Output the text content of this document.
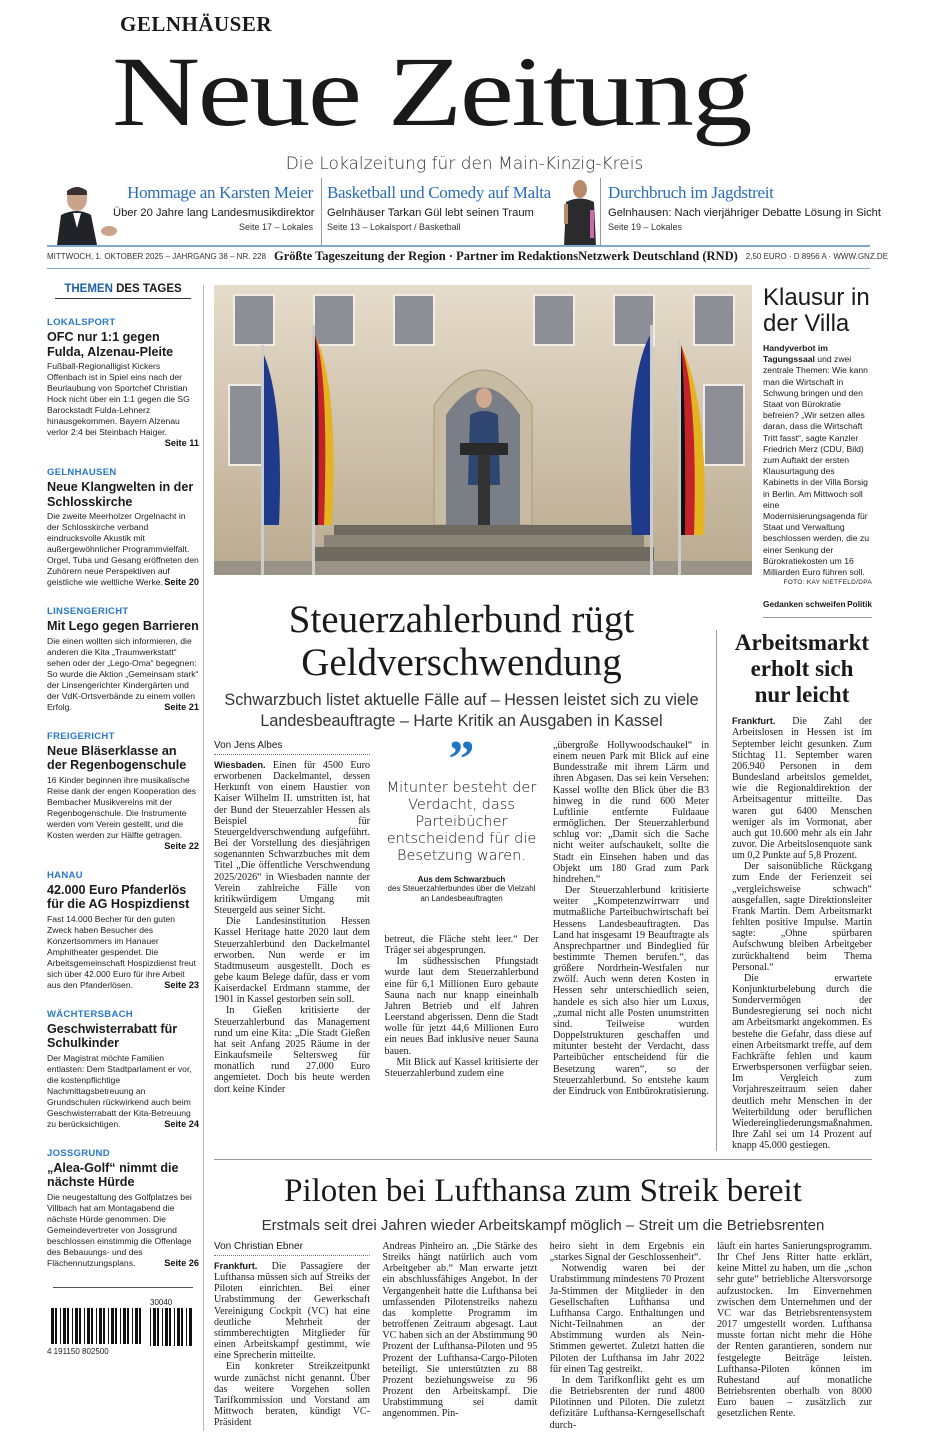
GELNHÄUSER
Neue Zeitung
Die Lokalzeitung für den Main-Kinzig-Kreis
Hommage an Karsten Meier
Über 20 Jahre lang Landesmusikdirektor
Seite 17 – Lokales
Basketball und Comedy auf Malta
Gelnhäuser Tarkan Gül lebt seinen Traum
Seite 13 – Lokalsport / Basketball
Durchbruch im Jagdstreit
Gelnhausen: Nach vierjähriger Debatte Lösung in Sicht
Seite 19 – Lokales
MITTWOCH, 1. OKTOBER 2025 – JAHRGANG 38 – NR. 228 Größte Tageszeitung der Region · Partner im RedaktionsNetzwerk Deutschland (RND) 2,50 EURO · D 8956 A · WWW.GNZ.DE
THEMEN DES TAGES
LOKALSPORT
OFC nur 1:1 gegen Fulda, Alzenau-Pleite

Fußball-Regionalligist Kickers Offenbach ist in Spiel eins nach der Beurlaubung von Sportchef Christian Hock nicht über ein 1:1 gegen die SG Barockstadt Fulda-Lehnerz hinausgekommen. Bayern Alzenau verlor 2:4 bei Steinbach Haiger.
Seite 11

GELNHAUSEN
Neue Klangwelten in der Schlosskirche

Die zweite Meerholzer Orgelnacht in der Schlosskirche verband eindrucksvolle Akustik mit außergewöhnlicher Programmvielfalt. Orgel, Tuba und Gesang eröffneten den Zuhörern neue Perspektiven auf geistliche wie weltliche Werke. Seite 20

LINSENGERICHT
Mit Lego gegen Barrieren

Die einen wollten sich informieren, die anderen die Kita „Traumwerkstatt“ sehen oder der „Lego-Oma“ begegnen: So wurde die Aktion „Gemeinsam stark“ der Linsengerichter Kindergärten und der VdK-Ortsverbände zu einem vollen Erfolg.	Seite 21

FREIGERICHT
Neue Bläserklasse an der Regenbogenschule

16 Kinder beginnen ihre musikalische Reise dank der engen Kooperation des Bembacher Musikvereins mit der Regenbogenschule. Die Instrumente werden vom Verein gestellt, und die Kosten werden zur Hälfte getragen.
Seite 22

HANAU
42.000 Euro Pfanderlös für die AG Hospizdienst

Fast 14.000 Becher für den guten Zweck haben Besucher des Konzertsommers im Hanauer Amphitheater gespendet. Die Arbeitsgemeinschaft Hospizdienst freut sich über 42.000 Euro für ihre Arbeit aus den Pfanderlösen.	Seite 23

WÄCHTERSBACH
Geschwisterrabatt für Schulkinder

Der Magistrat möchte Familien entlasten: Dem Stadtparlament er vor, die kostenpflichtige Nachmittagsbetreuung an Grundschulen rückwirkend auch beim Geschwisterrabatt der Kita-Betreuung zu berücksichtigen.	Seite 24

JOSSGRUND
„Alea-Golf“ nimmt die nächste Hürde

Die neugestaltung des Golfplatzes bei Villbach hat am Montagabend die nächste Hürde genommen. Die Gemeindevertreter von Jossgrund beschlossen einstimmig die Offenlage des Bebauungs- und des Flächennutzungsplans.	Seite 26

30040
4 191150 802500
Klausur in der Villa

Handyverbot im Tagungssaal und zwei zentrale Themen: Wie kann man die Wirtschaft in Schwung bringen und den Staat von Bürokratie befreien? „Wir setzen alles daran, dass die Wirtschaft Tritt fasst“, sagte Kanzler Friedrich Merz (CDU, Bild) zum Auftakt der ersten Klausurtagung des Kabinetts in der Villa Borsig in Berlin. Am Mittwoch soll eine Modernisierungsagenda für Staat und Verwaltung beschlossen werden, die zu einer Senkung der Bürokratiekosten um 16 Milliarden Euro führen soll.

FOTO: KAY NIETFELD/DPA

Gedanken schweifen Politik
Arbeitsmarkt erholt sich nur leicht

Frankfurt. Die Zahl der Arbeitslosen in Hessen ist im September leicht gesunken. Zum Stichtag 11. September waren 206.940 Personen in dem Bundesland arbeitslos gemeldet, wie die Regionaldirektion der Arbeitsagentur mitteilte. Das waren gut 6400 Menschen weniger als im Vormonat, aber auch gut 10.600 mehr als ein Jahr zuvor. Die Arbeitslosenquote sank um 0,2 Punkte auf 5,8 Prozent.

Der saisonübliche Rückgang zum Ende der Ferienzeit sei „vergleichsweise schwach“ ausgefallen, sagte Direktionsleiter Frank Martin. Dem Arbeitsmarkt fehlten positive Impulse. Martin sagte: „Ohne spürbaren Aufschwung bleiben Arbeitgeber zurückhaltend beim Thema Personal.“

Die erwartete Konjunkturbelebung durch die Sondervermögen der Bundesregierung sei noch nicht am Arbeitsmarkt angekommen. Es bestehe die Gefahr, dass diese auf einen Arbeitsmarkt treffe, auf dem Fachkräfte fehlen und kaum Erwerbspersonen verfügbar seien. Im Vergleich zum Vorjahreszeitraum seien daher deutlich mehr Menschen in der Weiterbildung oder beruflichen Wiedereingliederungsmaßnahmen. Ihre Zahl sei um 14 Prozent auf knapp 45.000 gestiegen.

Steuerzahlerbund rügt Geldverschwendung
Schwarzbuch listet aktuelle Fälle auf – Hessen leistet sich zu viele Landesbeauftragte – Harte Kritik an Ausgaben in Kassel
Von Jens Albes

Wiesbaden. Einen für 4500 Euro erworbenen Dackelmantel, dessen Herkunft von einem Haustier von Kaiser Wilhelm II. umstritten ist, hat der Bund der Steuerzahler Hessen als Beispiel für Steuergeldverschwendung aufgeführt. Bei der Vorstellung des diesjährigen sogenannten Schwarzbuches mit dem Titel „Die öffentliche Verschwendung 2025/2026“ in Wiesbaden nannte der Verein zahlreiche Fälle von kritikwürdigem Umgang mit Steuergeld aus seiner Sicht.

Die Landesinstitution Hessen Kassel Heritage hatte 2020 laut dem Steuerzahlerbund den Dackelmantel erworben. Nun werde er im Stadtmuseum ausgestellt. Doch es gebe kaum Belege dafür, dass er vom Kaiserdackel Erdmann stamme, der 1901 in Kassel gestorben sein soll.

In Gießen kritisierte der Steuerzahlerbund das Management rund um eine Kita: „Die Stadt Gießen hat seit Anfang 2025 Räume in der Einkaufsmeile Seltersweg für monatlich rund 27.000 Euro angemietet. Doch bis heute werden dort keine Kinder

”
Mitunter besteht der Verdacht, dass Parteibücher entscheidend für die Besetzung waren.
Aus dem Schwarzbuch
des Steuerzahlerbundes über die Vielzahl an Landesbeauftragten

betreut, die Fläche steht leer.“ Der Träger sei abgesprungen.

Im südhessischen Pfungstadt wurde laut dem Steuerzahlerbund eine für 6,1 Millionen Euro gebaute Sauna nach nur knapp eineinhalb Jahren Betrieb und elf Jahren Leerstand abgerissen. Denn die Stadt wolle für jetzt 44,6 Millionen Euro ein neues Bad inklusive neuer Sauna bauen.

Mit Blick auf Kassel kritisierte der Steuerzahlerbund zudem eine

„übergroße Hollywoodschaukel“ in einem neuen Park mit Blick auf eine Bundesstraße mit ihrem Lärm und ihren Abgasen. Das sei kein Versehen: Kassel wollte den Blick über die B3 hinweg in die rund 600 Meter Luftlinie entfernte Fuldaaue ermöglichen. Der Steuerzahlerbund schlug vor: „Damit sich die Sache nicht weiter aufschaukelt, sollte die Stadt ein Einsehen haben und das Objekt um 180 Grad zum Park hindrehen.“

Der Steuerzahlerbund kritisierte weiter „Kompetenzwirrwarr und mutmaßliche Parteibuchwirtschaft bei Hessens Landesbeauftragten. Das Land hat insgesamt 19 Beauftragte als Ansprechpartner und Bindeglied für bestimmte Themen berufen.“, das größere Nordrhein-Westfalen nur zwölf. Auch wenn deren Kosten in Hessen sehr unterschiedlich seien, handele es sich also hier um Luxus, „zumal nicht alle Posten unumstritten sind. Teilweise wurden Doppelstrukturen geschaffen und mitunter besteht der Verdacht, dass Parteibücher entscheidend für die Besetzung waren“, so der Steuerzahlerbund. So entstehe kaum der Eindruck von Entbürokratisierung.

Piloten bei Lufthansa zum Streik bereit
Erstmals seit drei Jahren wieder Arbeitskampf möglich – Streit um die Betriebsrenten
Von Christian Ebner

Frankfurt. Die Passagiere der Lufthansa müssen sich auf Streiks der Piloten einrichten. Bei einer Urabstimmung der Gewerkschaft Vereinigung Cockpit (VC) hat eine deutliche Mehrheit der stimmberechtigten Mitglieder für einen Arbeitskampf gestimmt, wie eine Sprecherin mitteilte.

Ein konkreter Streikzeitpunkt wurde zunächst nicht genannt. Über das weitere Vorgehen sollen Tarifkommission und Vorstand am Mittwoch beraten, kündigt VC-Präsident

Andreas Pinheiro an. „Die Stärke des Streiks hängt natürlich auch vom Arbeitgeber ab.“ Man erwarte jetzt ein abschlussfähiges Angebot. In der Vergangenheit hatte die Lufthansa bei umfassenden Pilotenstreiks nahezu das komplette Programm im betroffenen Zeitraum abgesagt. Laut VC haben sich an der Abstimmung 90 Prozent der Lufthansa-Piloten und 95 Prozent der Lufthansa-Cargo-Piloten beteiligt. Sie unterstützten zu 88 Prozent beziehungsweise zu 96 Prozent den Arbeitskampf. Die Urabstimmung sei damit angenommen. Pin-

heiro sieht in dem Ergebnis ein „starkes Signal der Geschlossenheit“.

Notwendig waren bei der Urabstimmung mindestens 70 Prozent Ja-Stimmen der Mitglieder in den Gesellschaften Lufthansa und Lufthansa Cargo. Enthaltungen und Nicht-Teilnahmen an der Abstimmung wurden als Nein-Stimmen gewertet. Zuletzt hatten die Piloten der Lufthansa im Jahr 2022 für einen Tag gestreikt.

In dem Tarifkonflikt geht es um die Betriebsrenten der rund 4800 Pilotinnen und Piloten. Die zuletzt defizitäre Lufthansa-Kerngesellschaft durch-

läuft ein hartes Sanierungsprogramm. Ihr Chef Jens Ritter hatte erklärt, keine Mittel zu haben, um die „schon sehr gute“ betriebliche Altersvorsorge aufzustocken. Im Einvernehmen zwischen dem Unternehmen und der VC war das Betriebsrentensystem 2017 umgestellt worden. Lufthansa musste fortan nicht mehr die Höhe der Renten garantieren, sondern nur festgelegte Beiträge leisten. Lufthansa-Piloten können im Ruhestand auf monatliche Betriebsrenten oberhalb von 8000 Euro bauen – zusätzlich zur gesetzlichen Rente.
